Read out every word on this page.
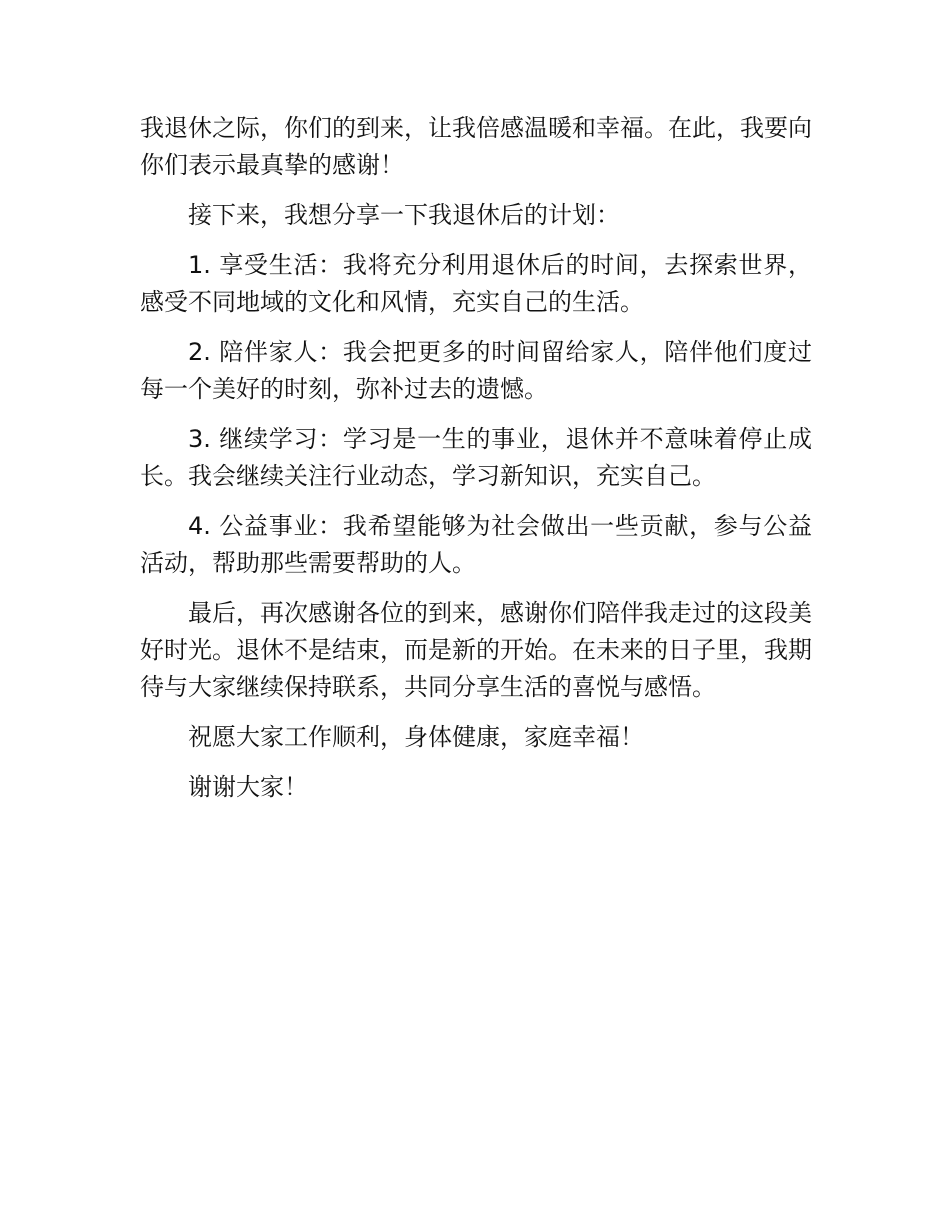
我退休之际，你们的到来，让我倍感温暖和幸福。在此，我要向你们表示最真挚的感谢！

接下来，我想分享一下我退休后的计划：

1. 享受生活：我将充分利用退休后的时间，去探索世界，感受不同地域的文化和风情，充实自己的生活。

2. 陪伴家人：我会把更多的时间留给家人，陪伴他们度过每一个美好的时刻，弥补过去的遗憾。

3. 继续学习：学习是一生的事业，退休并不意味着停止成长。我会继续关注行业动态，学习新知识，充实自己。

4. 公益事业：我希望能够为社会做出一些贡献，参与公益活动，帮助那些需要帮助的人。

最后，再次感谢各位的到来，感谢你们陪伴我走过的这段美好时光。退休不是结束，而是新的开始。在未来的日子里，我期待与大家继续保持联系，共同分享生活的喜悦与感悟。

祝愿大家工作顺利，身体健康，家庭幸福！

谢谢大家！
